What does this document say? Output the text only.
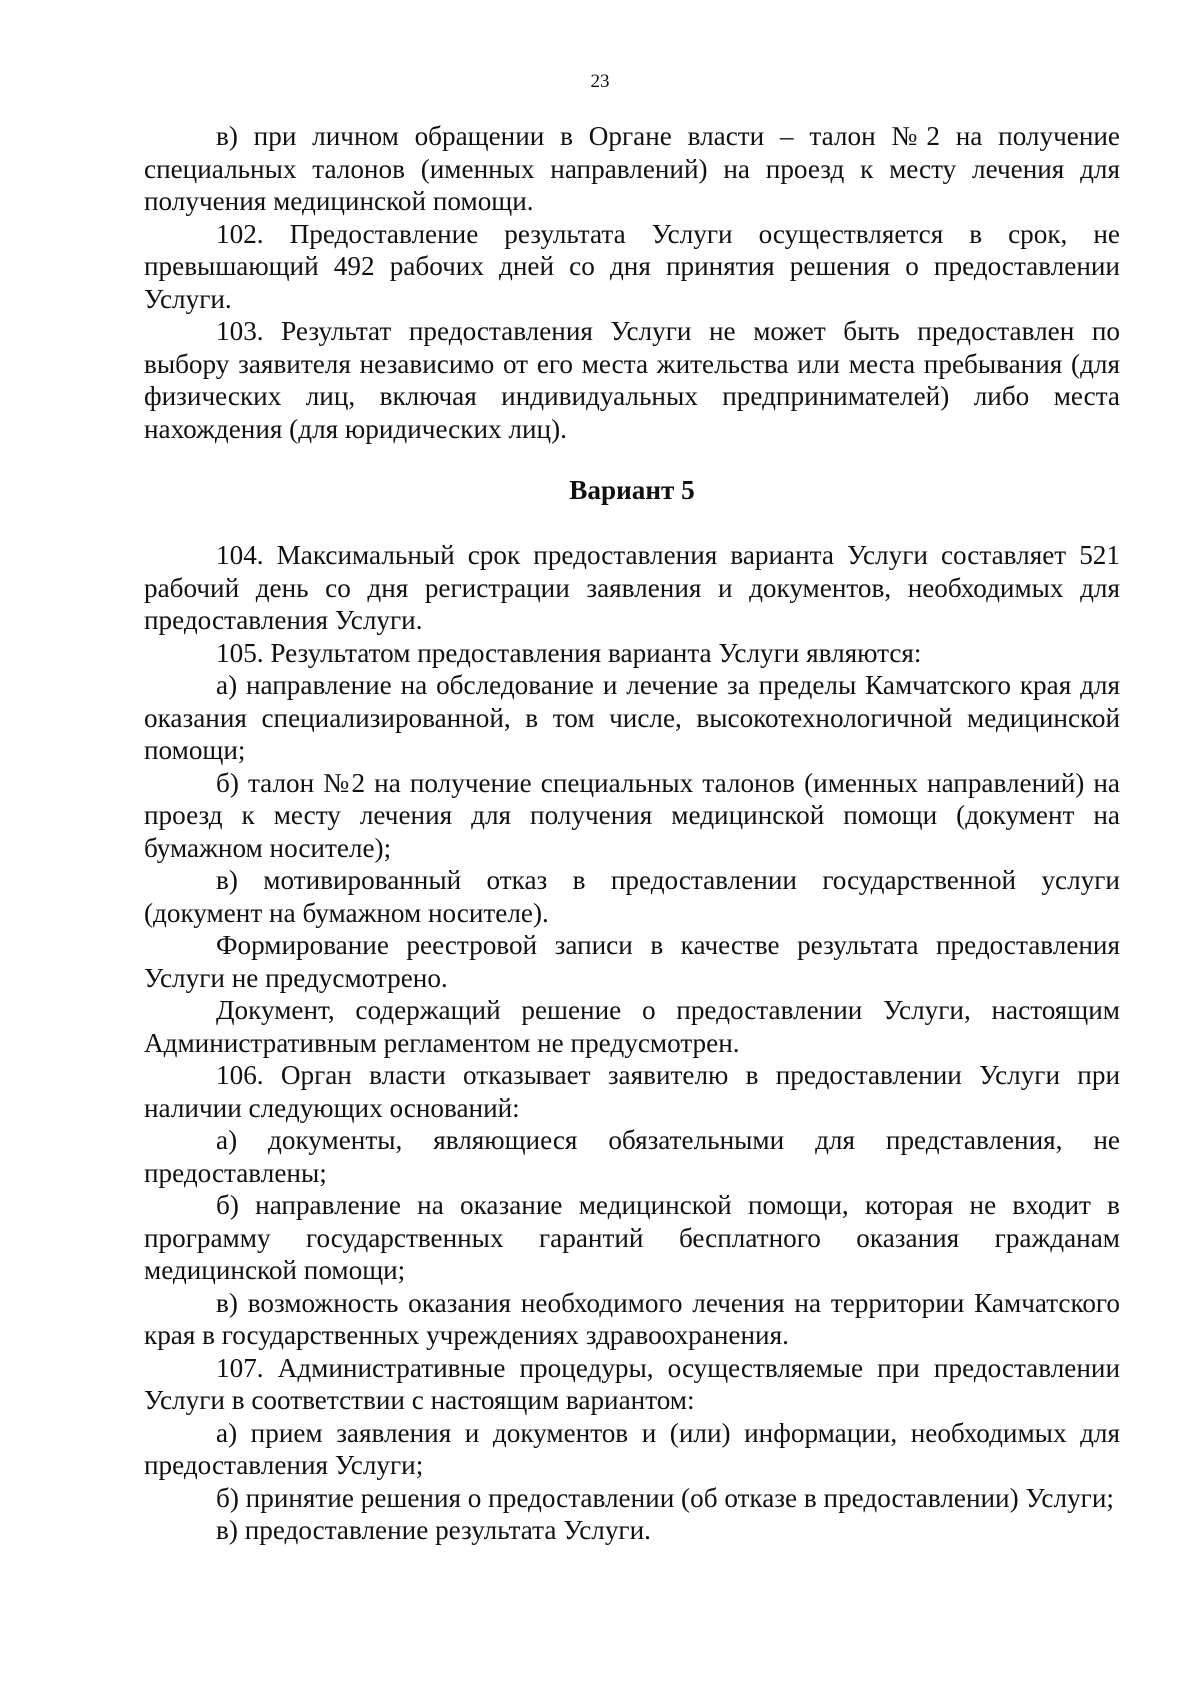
23

в) при личном обращении в Органе власти – талон №2 на получение специальных талонов (именных направлений) на проезд к месту лечения для получения медицинской помощи.

102. Предоставление результата Услуги осуществляется в срок, не превышающий 492 рабочих дней со дня принятия решения о предоставлении Услуги.

103. Результат предоставления Услуги не может быть предоставлен по выбору заявителя независимо от его места жительства или места пребывания (для физических лиц, включая индивидуальных предпринимателей) либо места нахождения (для юридических лиц).

Вариант 5

104. Максимальный срок предоставления варианта Услуги составляет 521 рабочий день со дня регистрации заявления и документов, необходимых для предоставления Услуги.

105. Результатом предоставления варианта Услуги являются:

а) направление на обследование и лечение за пределы Камчатского края для оказания специализированной, в том числе, высокотехнологичной медицинской помощи;

б) талон №2 на получение специальных талонов (именных направлений) на проезд к месту лечения для получения медицинской помощи (документ на бумажном носителе);

в) мотивированный отказ в предоставлении государственной услуги (документ на бумажном носителе).

Формирование реестровой записи в качестве результата предоставления Услуги не предусмотрено.

Документ, содержащий решение о предоставлении Услуги, настоящим Административным регламентом не предусмотрен.

106. Орган власти отказывает заявителю в предоставлении Услуги при наличии следующих оснований:

а) документы, являющиеся обязательными для представления, не предоставлены;

б) направление на оказание медицинской помощи, которая не входит в программу государственных гарантий бесплатного оказания гражданам медицинской помощи;

в) возможность оказания необходимого лечения на территории Камчатского края в государственных учреждениях здравоохранения.

107. Административные процедуры, осуществляемые при предоставлении Услуги в соответствии с настоящим вариантом:

а) прием заявления и документов и (или) информации, необходимых для предоставления Услуги;

б) принятие решения о предоставлении (об отказе в предоставлении) Услуги;

в) предоставление результата Услуги.
